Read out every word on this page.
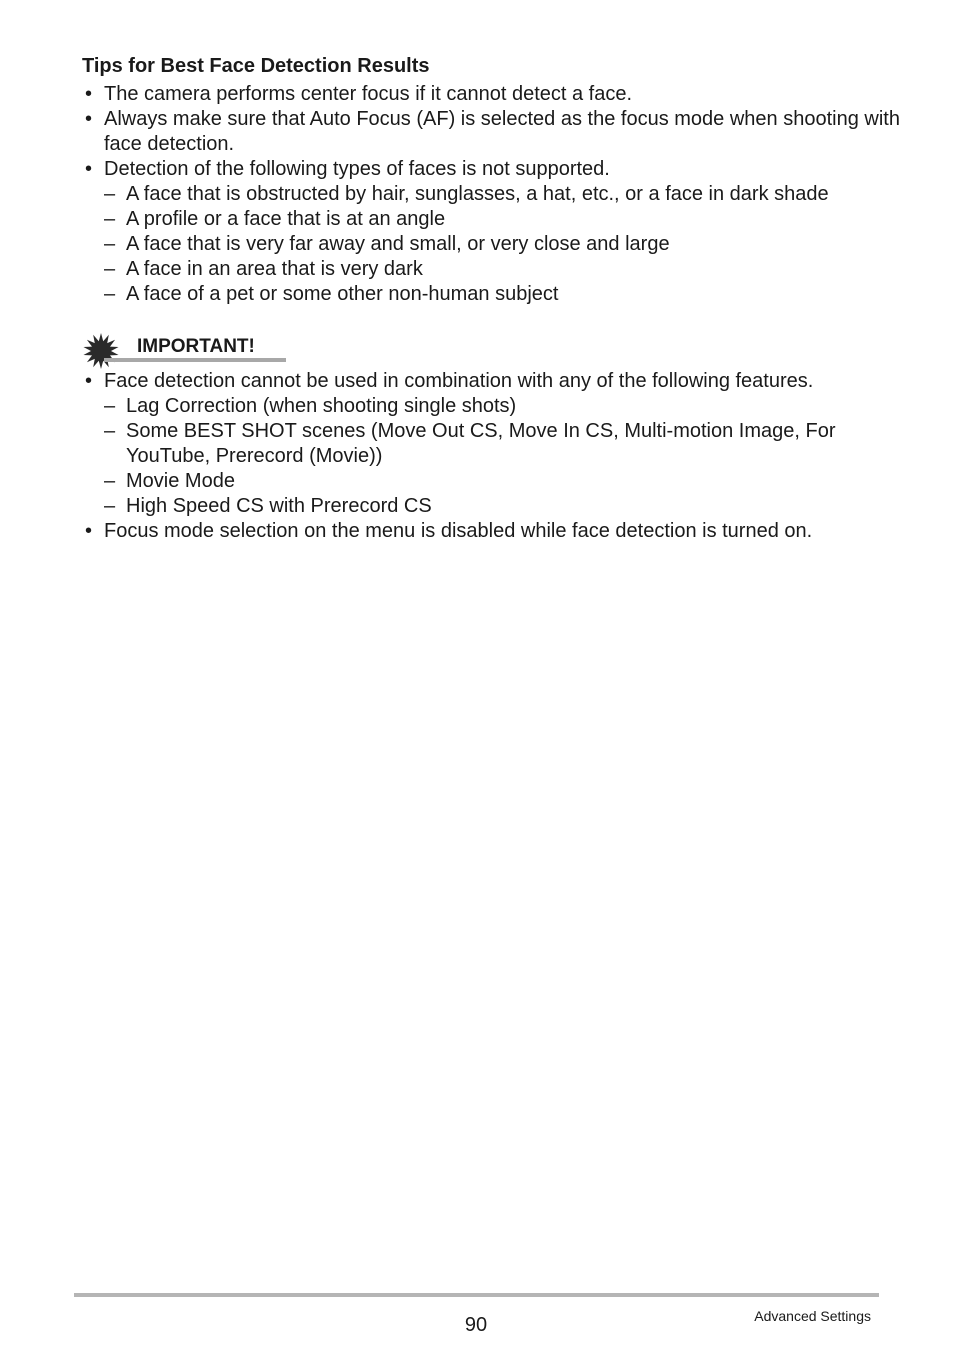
Tips for Best Face Detection Results
• The camera performs center focus if it cannot detect a face.
• Always make sure that Auto Focus (AF) is selected as the focus mode when shooting with face detection.
• Detection of the following types of faces is not supported.
– A face that is obstructed by hair, sunglasses, a hat, etc., or a face in dark shade
– A profile or a face that is at an angle
– A face that is very far away and small, or very close and large
– A face in an area that is very dark
– A face of a pet or some other non-human subject
IMPORTANT!
• Face detection cannot be used in combination with any of the following features.
– Lag Correction (when shooting single shots)
– Some BEST SHOT scenes (Move Out CS, Move In CS, Multi-motion Image, For YouTube, Prerecord (Movie))
– Movie Mode
– High Speed CS with Prerecord CS
• Focus mode selection on the menu is disabled while face detection is turned on.
90	Advanced Settings
